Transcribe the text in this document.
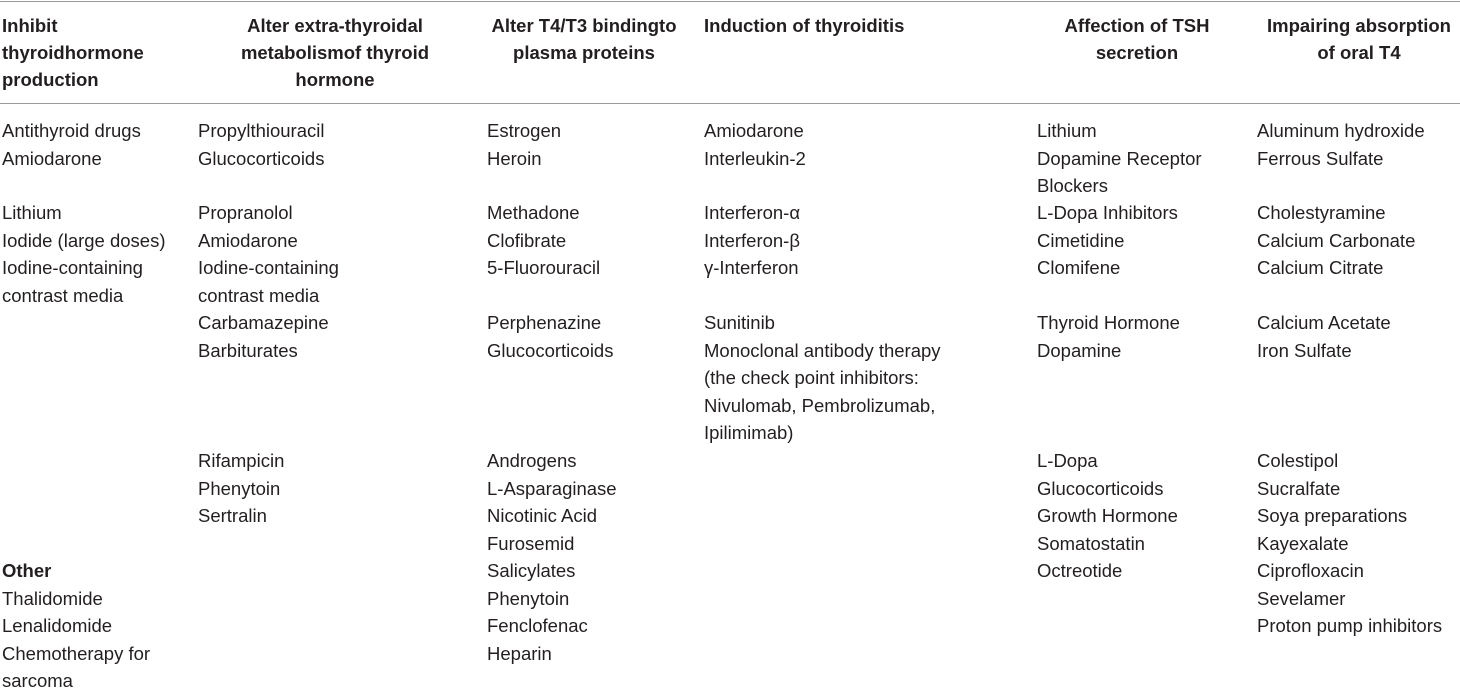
Inhibit
thyroidhormone
production
Alter extra-thyroidal
metabolismof thyroid
hormone
Alter T4/T3 bindingto
plasma proteins
Induction of thyroiditis	Affection of TSH
secretion
Impairing absorption
of oral T4
Antithyroid drugs
Amiodarone
Propylthiouracil
Glucocorticoids
Estrogen
Heroin
Amiodarone
Interleukin-2
Lithium
Dopamine Receptor
Blockers
Aluminum hydroxide
Ferrous Sulfate
Lithium
Iodide (large doses)
Iodine-containing
contrast media
Propranolol
Amiodarone
Iodine-containing
contrast media
Methadone
Clofibrate
5-Fluorouracil
Interferon-α
Interferon-β
γ-Interferon
L-Dopa Inhibitors
Cimetidine
Clomifene
Cholestyramine
Calcium Carbonate
Calcium Citrate
Carbamazepine
Barbiturates
Perphenazine
Glucocorticoids
Sunitinib
Monoclonal antibody therapy
(the check point inhibitors:
Nivulomab, Pembrolizumab,
Ipilimimab)
Thyroid Hormone
Dopamine
Calcium Acetate
Iron Sulfate
Rifampicin
Phenytoin
Sertralin
Androgens
L-Asparaginase
Nicotinic Acid
Furosemid
Salicylates
Phenytoin
Fenclofenac
Heparin
L-Dopa
Glucocorticoids
Growth Hormone
Somatostatin
Octreotide
Colestipol
Sucralfate
Soya preparations
Kayexalate
Ciprofloxacin
Sevelamer
Proton pump inhibitors
Other
Thalidomide
Lenalidomide
Chemotherapy for
sarcoma
